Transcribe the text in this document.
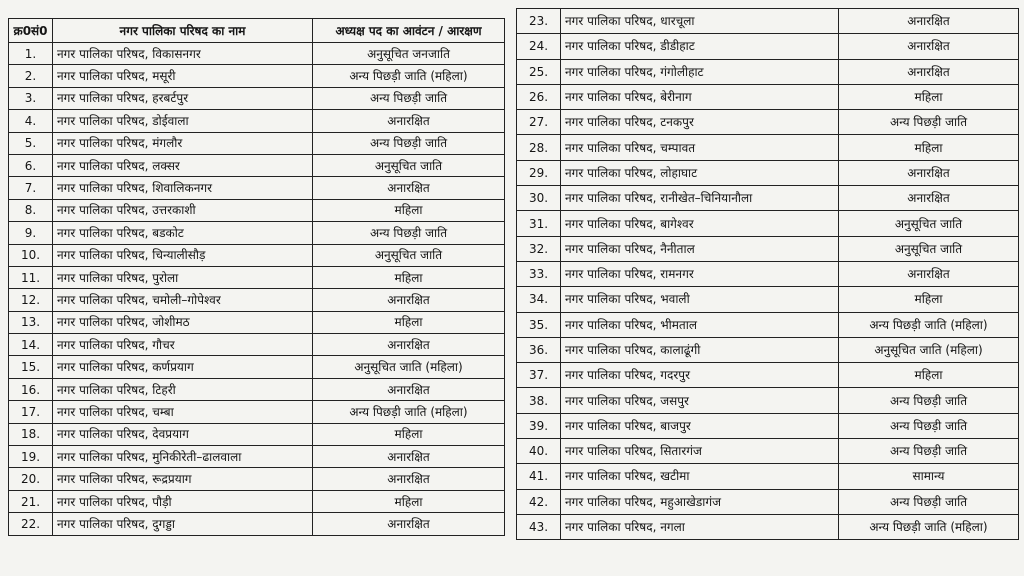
क्र0सं0	नगर पालिका परिषद का नाम	अध्यक्ष पद का आवंटन / आरक्षण
1.	नगर पालिका परिषद, विकासनगर	अनुसूचित जनजाति
2.	नगर पालिका परिषद, मसूरी	अन्य पिछड़ी जाति (महिला)
3.	नगर पालिका परिषद, हरबर्टपुर	अन्य पिछड़ी जाति
4.	नगर पालिका परिषद, डोईवाला	अनारक्षित
5.	नगर पालिका परिषद, मंगलौर	अन्य पिछड़ी जाति
6.	नगर पालिका परिषद, लक्सर	अनुसूचित जाति
7.	नगर पालिका परिषद, शिवालिकनगर	अनारक्षित
8.	नगर पालिका परिषद, उत्तरकाशी	महिला
9.	नगर पालिका परिषद, बडकोट	अन्य पिछड़ी जाति
10.	नगर पालिका परिषद, चिन्यालीसौड़	अनुसूचित जाति
11.	नगर पालिका परिषद, पुरोला	महिला
12.	नगर पालिका परिषद, चमोली–गोपेश्वर	अनारक्षित
13.	नगर पालिका परिषद, जोशीमठ	महिला
14.	नगर पालिका परिषद, गौचर	अनारक्षित
15.	नगर पालिका परिषद, कर्णप्रयाग	अनुसूचित जाति (महिला)
16.	नगर पालिका परिषद, टिहरी	अनारक्षित
17.	नगर पालिका परिषद, चम्बा	अन्य पिछड़ी जाति (महिला)
18.	नगर पालिका परिषद, देवप्रयाग	महिला
19.	नगर पालिका परिषद, मुनिकीरेती–ढालवाला	अनारक्षित
20.	नगर पालिका परिषद, रूद्रप्रयाग	अनारक्षित
21.	नगर पालिका परिषद, पौड़ी	महिला
22.	नगर पालिका परिषद, दुगड्डा	अनारक्षित
23.	नगर पालिका परिषद, धारचूला	अनारक्षित
24.	नगर पालिका परिषद, डीडीहाट	अनारक्षित
25.	नगर पालिका परिषद, गंगोलीहाट	अनारक्षित
26.	नगर पालिका परिषद, बेरीनाग	महिला
27.	नगर पालिका परिषद, टनकपुर	अन्य पिछड़ी जाति
28.	नगर पालिका परिषद, चम्पावत	महिला
29.	नगर पालिका परिषद, लोहाघाट	अनारक्षित
30.	नगर पालिका परिषद, रानीखेत–चिनियानौला	अनारक्षित
31.	नगर पालिका परिषद, बागेश्वर	अनुसूचित जाति
32.	नगर पालिका परिषद, नैनीताल	अनुसूचित जाति
33.	नगर पालिका परिषद, रामनगर	अनारक्षित
34.	नगर पालिका परिषद, भवाली	महिला
35.	नगर पालिका परिषद, भीमताल	अन्य पिछड़ी जाति (महिला)
36.	नगर पालिका परिषद, कालाढूंगी	अनुसूचित जाति (महिला)
37.	नगर पालिका परिषद, गदरपुर	महिला
38.	नगर पालिका परिषद, जसपुर	अन्य पिछड़ी जाति
39.	नगर पालिका परिषद, बाजपुर	अन्य पिछड़ी जाति
40.	नगर पालिका परिषद, सितारगंज	अन्य पिछड़ी जाति
41.	नगर पालिका परिषद, खटीमा	सामान्य
42.	नगर पालिका परिषद, महुआखेडागंज	अन्य पिछड़ी जाति
43.	नगर पालिका परिषद, नगला	अन्य पिछड़ी जाति (महिला)
